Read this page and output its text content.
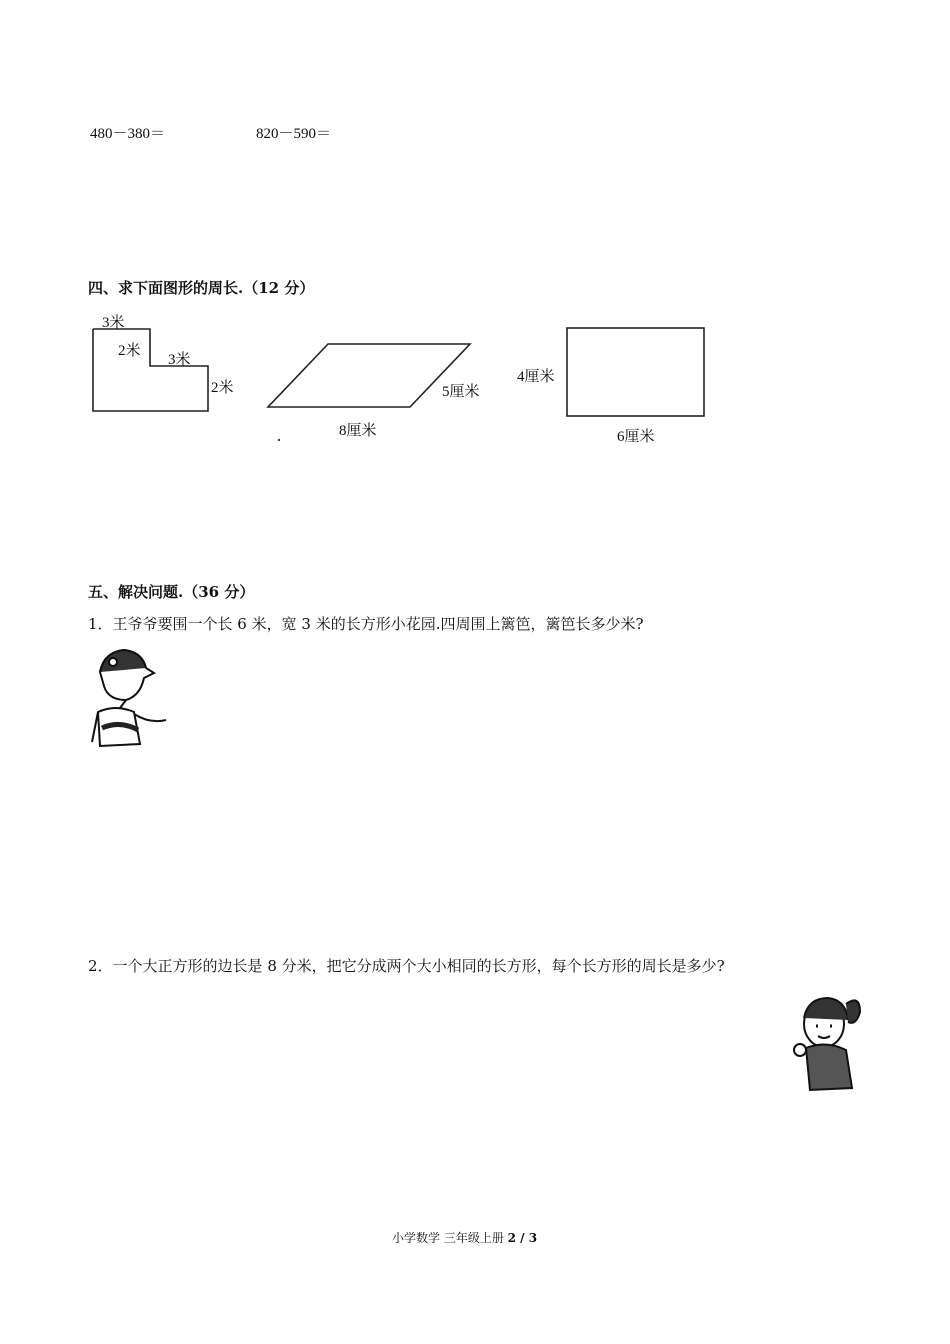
480－380＝	820－590＝
四、求下面图形的周长.（12 分）
3米
2米
3米
2米	5厘米
8厘米
4厘米
6厘米
五、解决问题.（36 分）
1．王爷爷要围一个长 6 米，宽 3 米的长方形小花园.四周围上篱笆，篱笆长多少米?
2．一个大正方形的边长是 8 分米，把它分成两个大小相同的长方形，每个长方形的周长是多少?
小学数学 三年级上册 2 / 3
